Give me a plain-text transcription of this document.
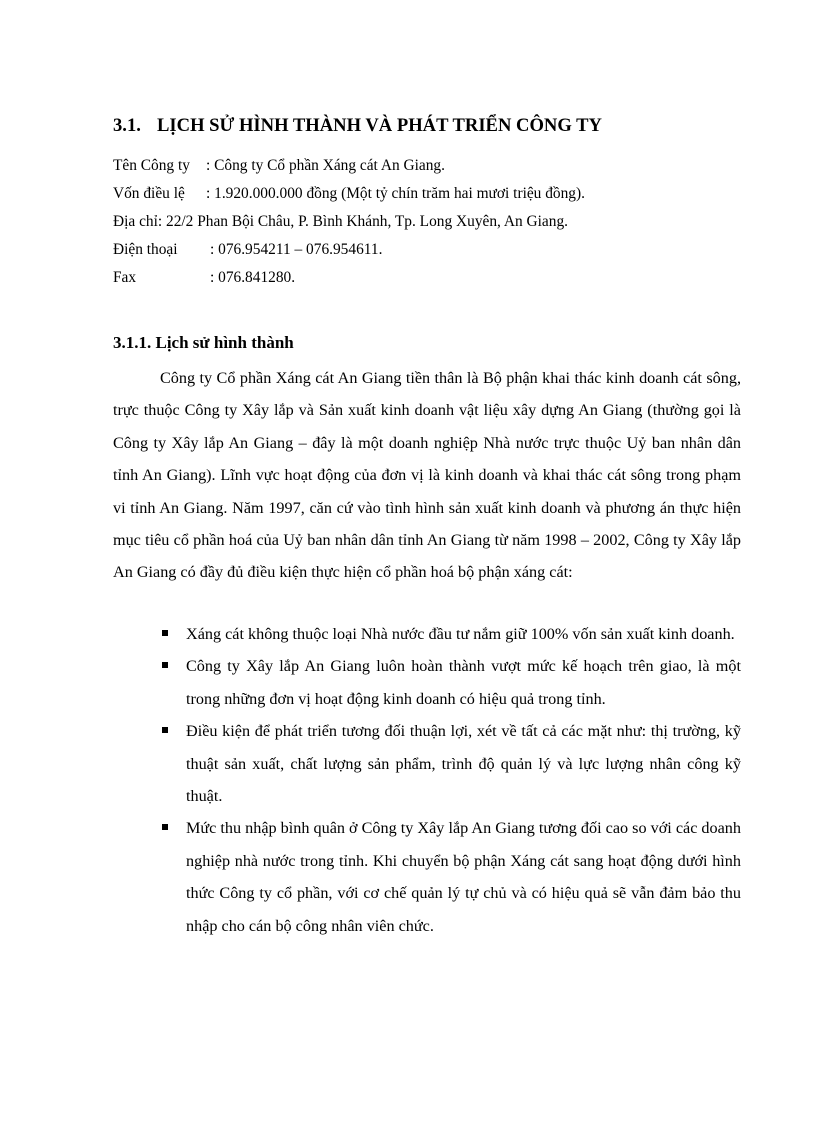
3.1. LỊCH SỬ HÌNH THÀNH VÀ PHÁT TRIỂN CÔNG TY
Tên Công ty : Công ty Cổ phần Xáng cát An Giang.
Vốn điều lệ : 1.920.000.000 đồng (Một tỷ chín trăm hai mươi triệu đồng).
Địa chỉ: 22/2 Phan Bội Châu, P. Bình Khánh, Tp. Long Xuyên, An Giang.
Điện thoại : 076.954211 – 076.954611.
Fax	: 076.841280.
3.1.1. Lịch sử hình thành

Công ty Cổ phần Xáng cát An Giang tiền thân là Bộ phận khai thác kinh doanh cát sông, trực thuộc Công ty Xây lắp và Sản xuất kinh doanh vật liệu xây dựng An Giang (thường gọi là Công ty Xây lắp An Giang – đây là một doanh nghiệp Nhà nước trực thuộc Uỷ ban nhân dân tỉnh An Giang). Lĩnh vực hoạt động của đơn vị là kinh doanh và khai thác cát sông trong phạm vi tỉnh An Giang. Năm 1997, căn cứ vào tình hình sản xuất kinh doanh và phương án thực hiện mục tiêu cổ phần hoá của Uỷ ban nhân dân tỉnh An Giang từ năm 1998 – 2002, Công ty Xây lắp An Giang có đầy đủ điều kiện thực hiện cổ phần hoá bộ phận xáng cát:

Xáng cát không thuộc loại Nhà nước đầu tư nắm giữ 100% vốn sản xuất kinh doanh.
Công ty Xây lắp An Giang luôn hoàn thành vượt mức kế hoạch trên giao, là một trong những đơn vị hoạt động kinh doanh có hiệu quả trong tỉnh.
Điều kiện để phát triển tương đối thuận lợi, xét về tất cả các mặt như: thị trường, kỹ thuật sản xuất, chất lượng sản phẩm, trình độ quản lý và lực lượng nhân công kỹ thuật.
Mức thu nhập bình quân ở Công ty Xây lắp An Giang tương đối cao so với các doanh nghiệp nhà nước trong tỉnh. Khi chuyển bộ phận Xáng cát sang hoạt động dưới hình thức Công ty cổ phần, với cơ chế quản lý tự chủ và có hiệu quả sẽ vẫn đảm bảo thu nhập cho cán bộ công nhân viên chức.
